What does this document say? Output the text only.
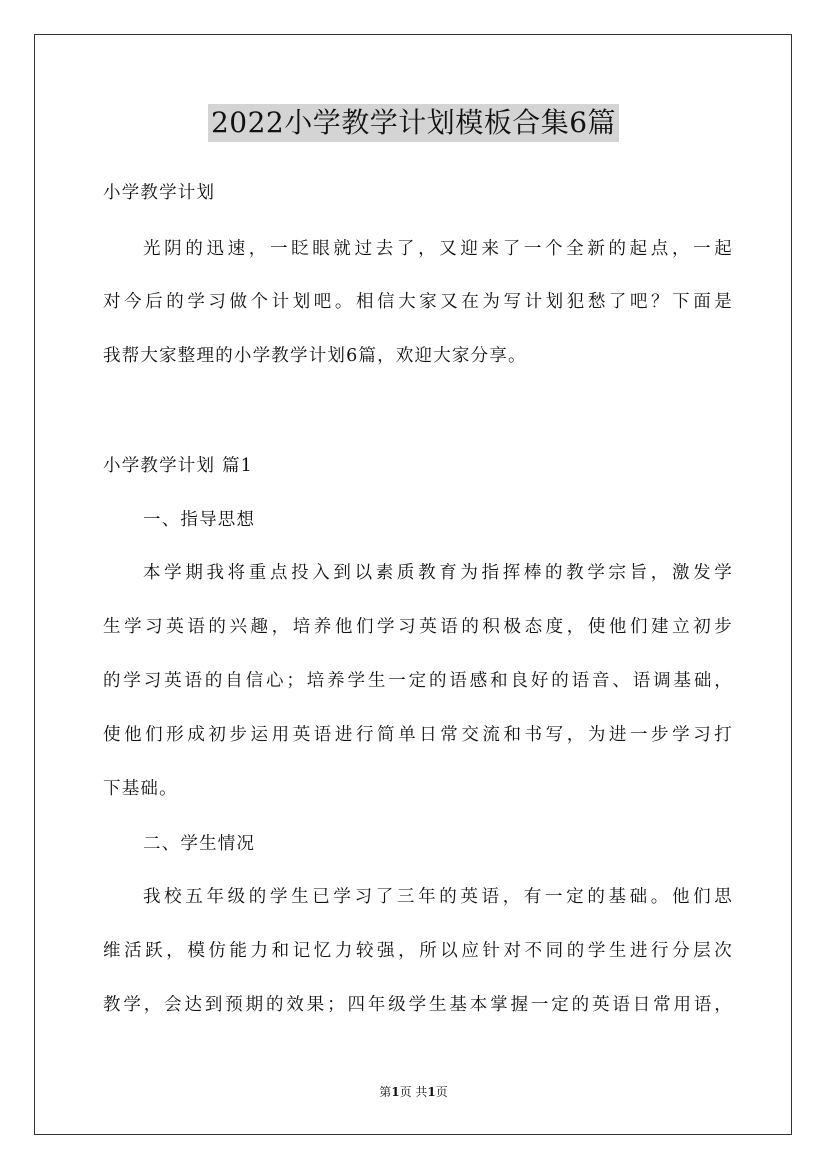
2022小学教学计划模板合集6篇
小学教学计划
光阴的迅速，一眨眼就过去了，又迎来了一个全新的起点，一起
对今后的学习做个计划吧。相信大家又在为写计划犯愁了吧？下面是
我帮大家整理的小学教学计划6篇，欢迎大家分享。
小学教学计划 篇1
一、指导思想
本学期我将重点投入到以素质教育为指挥棒的教学宗旨，激发学
生学习英语的兴趣，培养他们学习英语的积极态度，使他们建立初步
的学习英语的自信心；培养学生一定的语感和良好的语音、语调基础，
使他们形成初步运用英语进行简单日常交流和书写，为进一步学习打
下基础。
二、学生情况
我校五年级的学生已学习了三年的英语，有一定的基础。他们思
维活跃，模仿能力和记忆力较强，所以应针对不同的学生进行分层次
教学，会达到预期的效果；四年级学生基本掌握一定的英语日常用语，
第1页 共1页
